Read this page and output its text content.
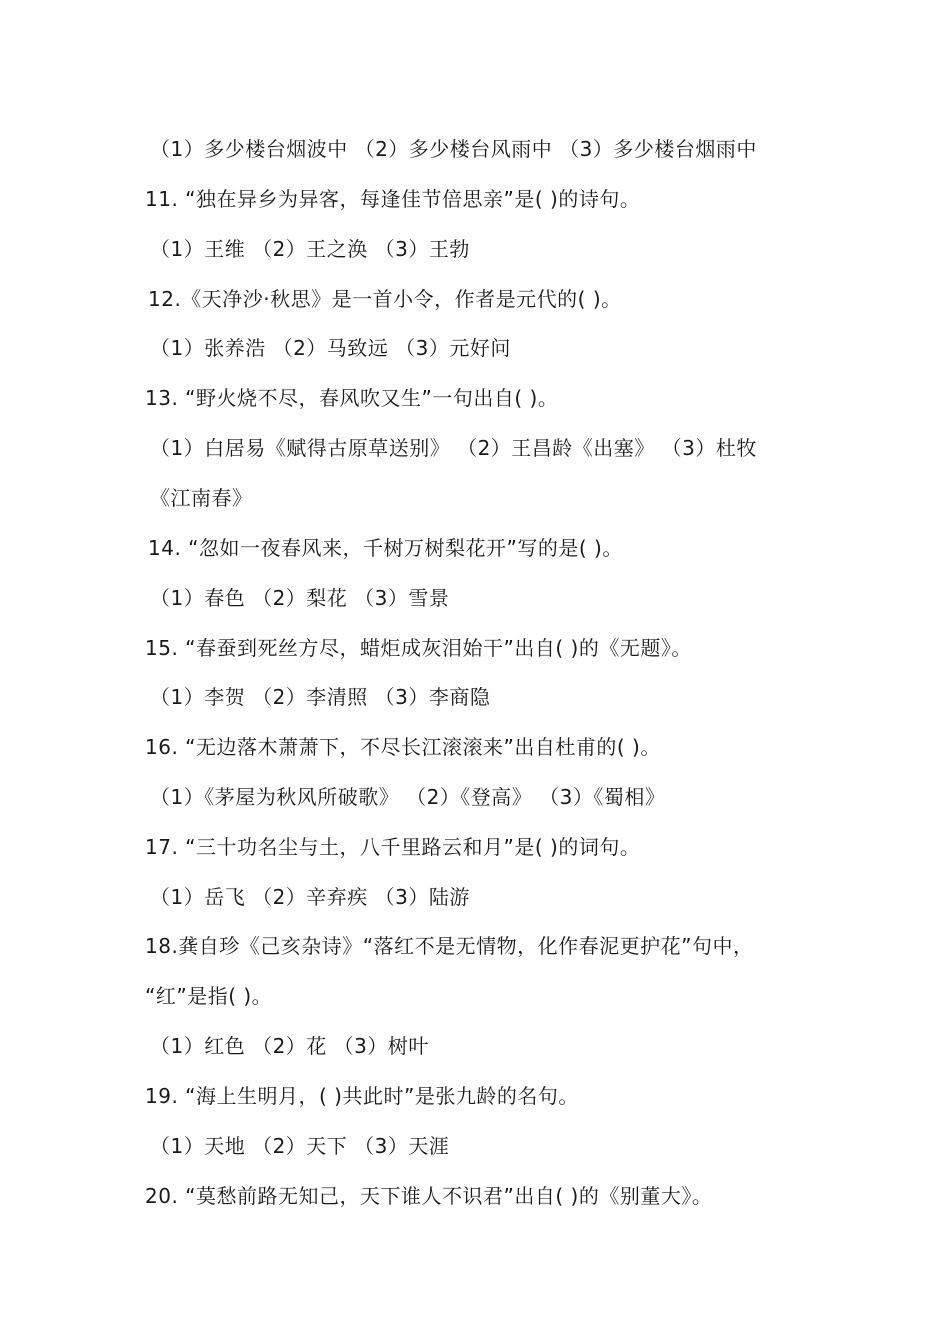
（1）多少楼台烟波中 （2）多少楼台风雨中 （3）多少楼台烟雨中
11. “独在异乡为异客，每逢佳节倍思亲”是( )的诗句。
（1）王维 （2）王之涣 （3）王勃
12.《天净沙·秋思》是一首小令，作者是元代的( )。
（1）张养浩 （2）马致远 （3）元好问
13. “野火烧不尽，春风吹又生”一句出自( )。
（1）白居易《赋得古原草送别》 （2）王昌龄《出塞》 （3）杜牧
《江南春》
14. “忽如一夜春风来，千树万树梨花开”写的是( )。
（1）春色 （2）梨花 （3）雪景
15. “春蚕到死丝方尽，蜡炬成灰泪始干”出自( )的《无题》。
（1）李贺 （2）李清照 （3）李商隐
16. “无边落木萧萧下，不尽长江滚滚来”出自杜甫的( )。
（1）《茅屋为秋风所破歌》 （2）《登高》 （3）《蜀相》
17. “三十功名尘与土，八千里路云和月”是( )的词句。
（1）岳飞 （2）辛弃疾 （3）陆游
18.龚自珍《己亥杂诗》“落红不是无情物，化作春泥更护花”句中，
“红”是指( )。
（1）红色 （2）花 （3）树叶
19. “海上生明月，( )共此时”是张九龄的名句。
（1）天地 （2）天下 （3）天涯
20. “莫愁前路无知己，天下谁人不识君”出自( )的《别董大》。
